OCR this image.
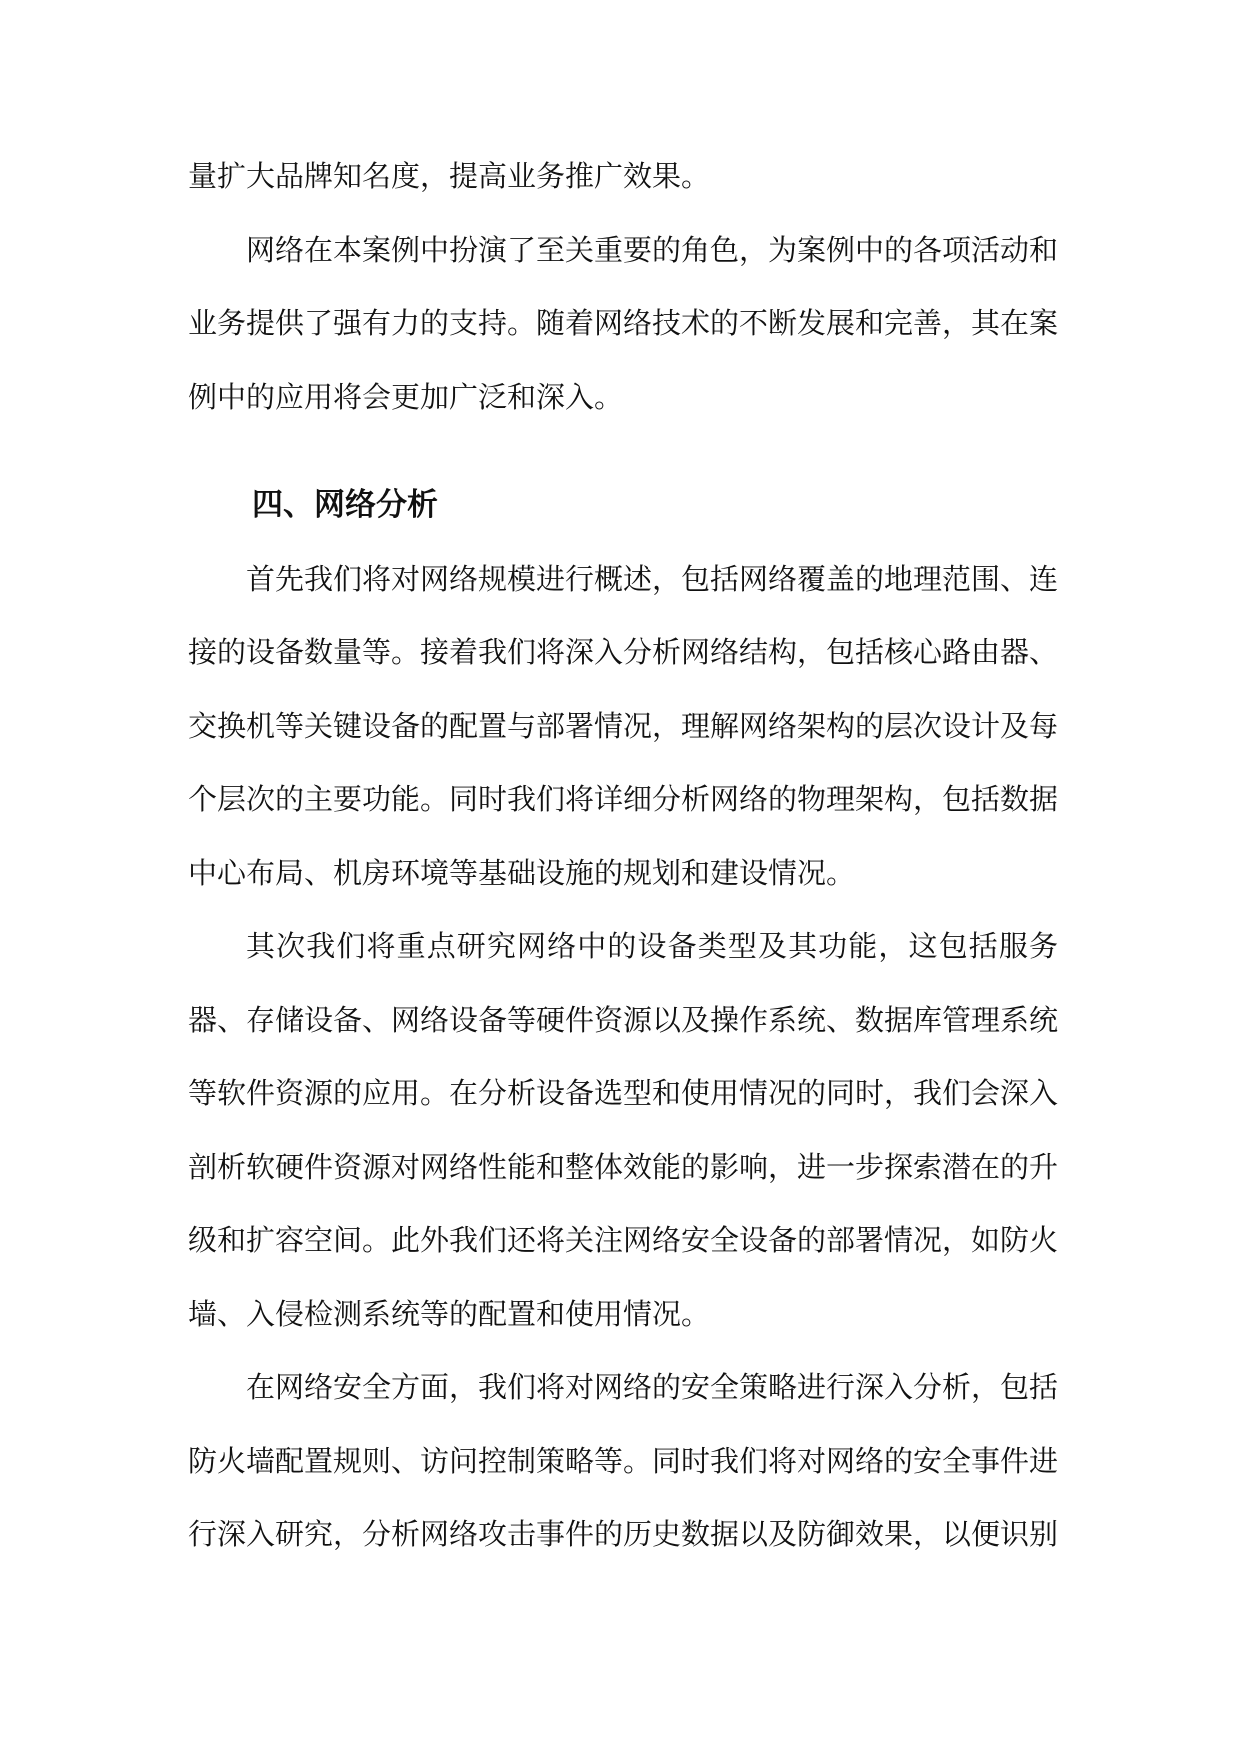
量扩大品牌知名度，提高业务推广效果。

网络在本案例中扮演了至关重要的角色，为案例中的各项活动和业务提供了强有力的支持。随着网络技术的不断发展和完善，其在案例中的应用将会更加广泛和深入。

四、网络分析

首先我们将对网络规模进行概述，包括网络覆盖的地理范围、连接的设备数量等。接着我们将深入分析网络结构，包括核心路由器、交换机等关键设备的配置与部署情况，理解网络架构的层次设计及每个层次的主要功能。同时我们将详细分析网络的物理架构，包括数据中心布局、机房环境等基础设施的规划和建设情况。

其次我们将重点研究网络中的设备类型及其功能，这包括服务器、存储设备、网络设备等硬件资源以及操作系统、数据库管理系统等软件资源的应用。在分析设备选型和使用情况的同时，我们会深入剖析软硬件资源对网络性能和整体效能的影响，进一步探索潜在的升级和扩容空间。此外我们还将关注网络安全设备的部署情况，如防火墙、入侵检测系统等的配置和使用情况。

在网络安全方面，我们将对网络的安全策略进行深入分析，包括防火墙配置规则、访问控制策略等。同时我们将对网络的安全事件进行深入研究，分析网络攻击事件的历史数据以及防御效果，以便识别
